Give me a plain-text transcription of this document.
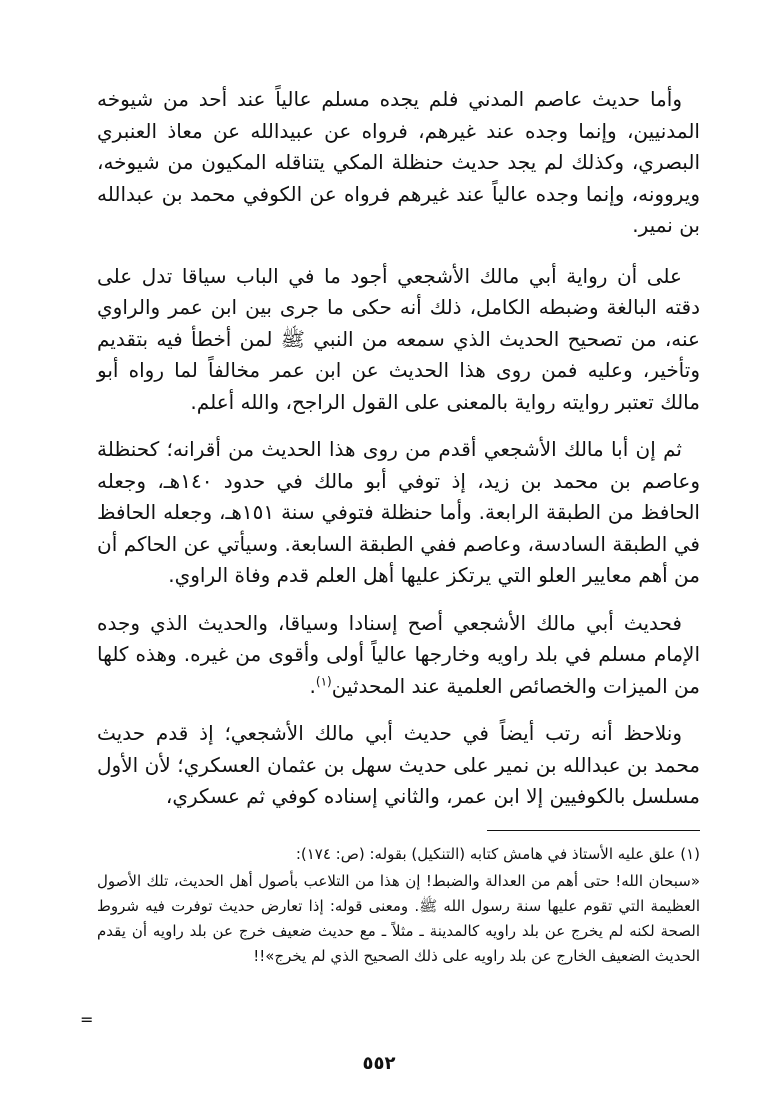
وأما حديث عاصم المدني فلم يجده مسلم عالياً عند أحد من شيوخه المدنيين، وإنما وجده عند غيرهم، فرواه عن عبيدالله عن معاذ العنبري البصري، وكذلك لم يجد حديث حنظلة المكي يتناقله المكيون من شيوخه، ويروونه، وإنما وجده عالياً عند غيرهم فرواه عن الكوفي محمد بن عبدالله بن نمير.

على أن رواية أبي مالك الأشجعي أجود ما في الباب سياقا تدل على دقته البالغة وضبطه الكامل، ذلك أنه حكى ما جرى بين ابن عمر والراوي عنه، من تصحيح الحديث الذي سمعه من النبي ﷺ لمن أخطأ فيه بتقديم وتأخير، وعليه فمن روى هذا الحديث عن ابن عمر مخالفاً لما رواه أبو مالك تعتبر روايته رواية بالمعنى على القول الراجح، والله أعلم.

ثم إن أبا مالك الأشجعي أقدم من روى هذا الحديث من أقرانه؛ كحنظلة وعاصم بن محمد بن زيد، إذ توفي أبو مالك في حدود ١٤٠هـ، وجعله الحافظ من الطبقة الرابعة. وأما حنظلة فتوفي سنة ١٥١هـ، وجعله الحافظ في الطبقة السادسة، وعاصم ففي الطبقة السابعة. وسيأتي عن الحاكم أن من أهم معايير العلو التي يرتكز عليها أهل العلم قدم وفاة الراوي.

فحديث أبي مالك الأشجعي أصح إسنادا وسياقا، والحديث الذي وجده الإمام مسلم في بلد راويه وخارجها عالياً أولى وأقوى من غيره. وهذه كلها من الميزات والخصائص العلمية عند المحدثين$^{(١)}$.

ونلاحظ أنه رتب أيضاً في حديث أبي مالك الأشجعي؛ إذ قدم حديث محمد بن عبدالله بن نمير على حديث سهل بن عثمان العسكري؛ لأن الأول مسلسل بالكوفيين إلا ابن عمر، والثاني إسناده كوفي ثم عسكري،

(١) علق عليه الأستاذ في هامش كتابه (التنكيل) بقوله: (ص: ١٧٤):

«سبحان الله! حتى أهم من العدالة والضبط! إن هذا من التلاعب بأصول أهل الحديث، تلك الأصول العظيمة التي تقوم عليها سنة رسول الله ﷺ. ومعنى قوله: إذا تعارض حديث توفرت فيه شروط الصحة لكنه لم يخرج عن بلد راويه كالمدينة ـ مثلاً ـ مع حديث ضعيف خرج عن بلد راويه أن يقدم الحديث الضعيف الخارج عن بلد راويه على ذلك الصحيح الذي لم يخرج»!!

=
٥٥٢
